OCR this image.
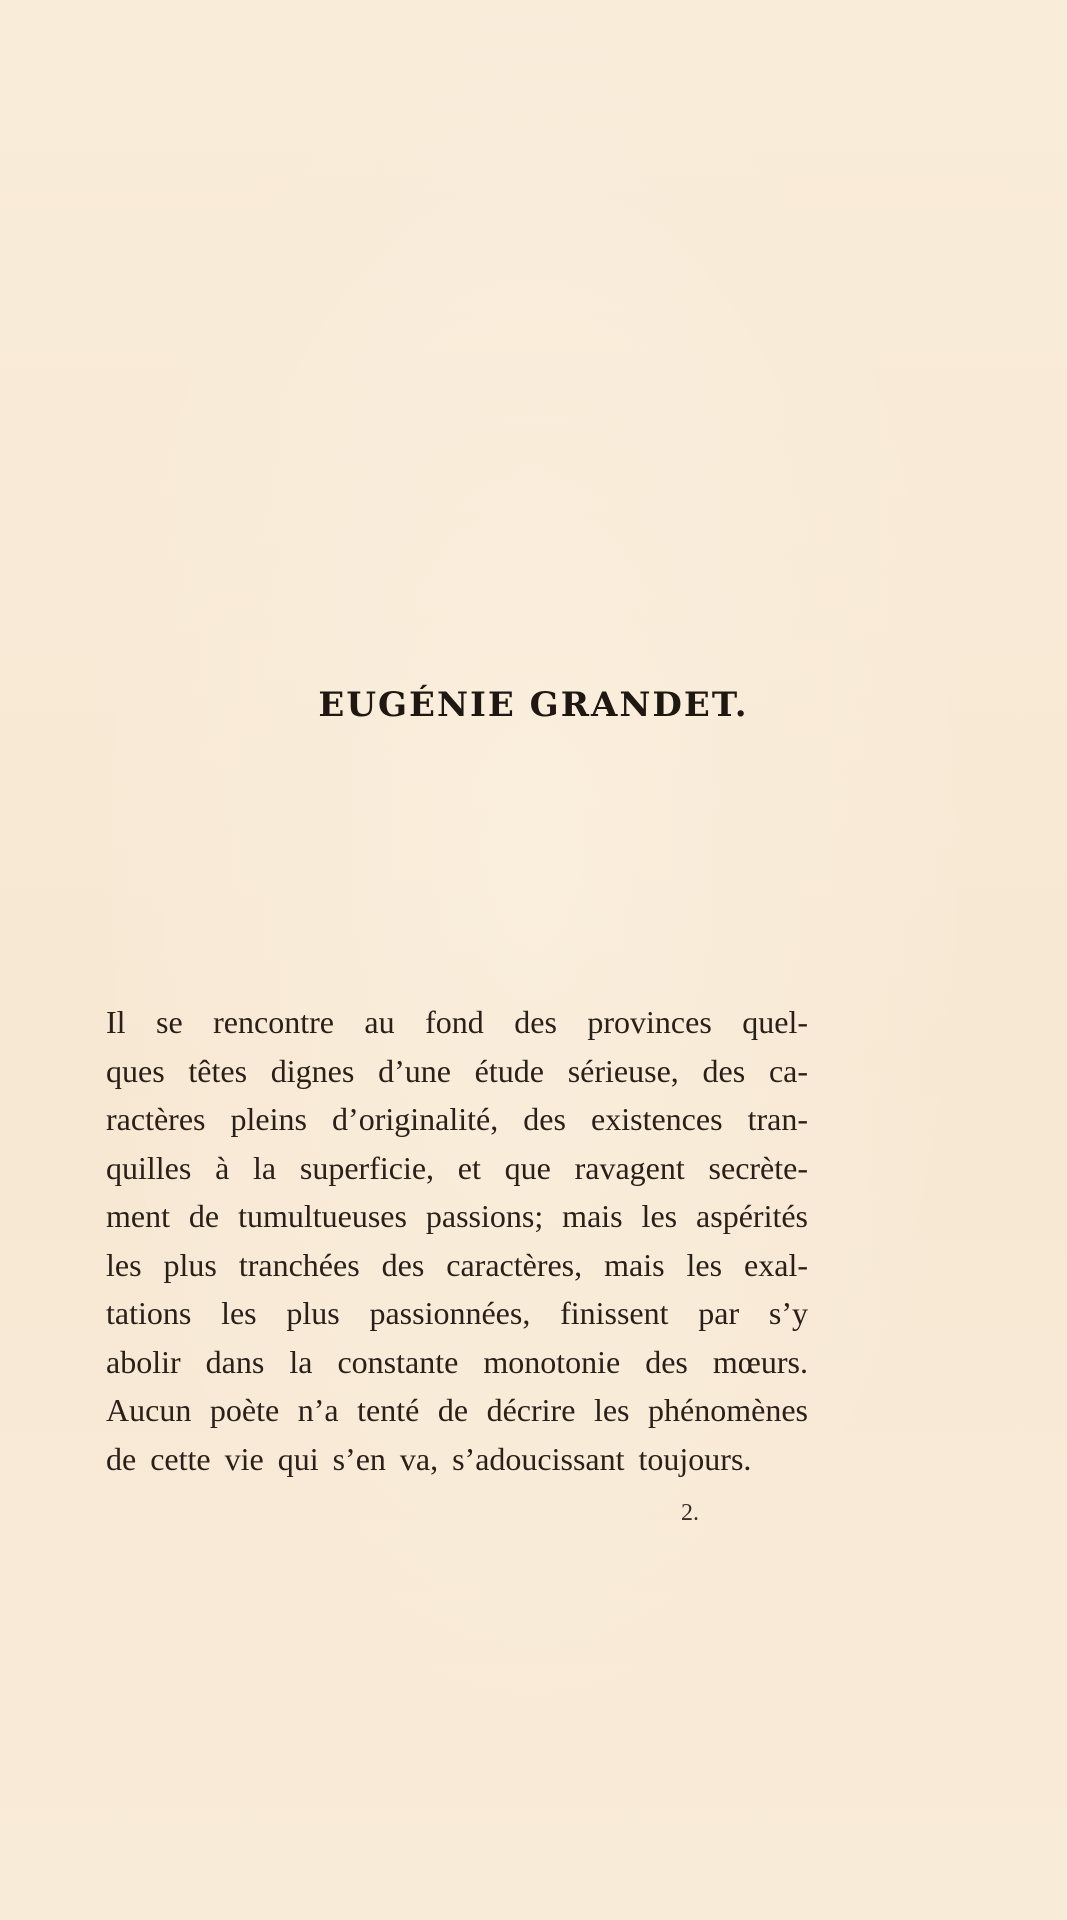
EUGÉNIE GRANDET.
Il se rencontre au fond des provinces quel-
ques têtes dignes d’une étude sérieuse, des ca-
ractères pleins d’originalité, des existences tran-
quilles à la superficie, et que ravagent secrète-
ment de tumultueuses passions; mais les aspérités
les plus tranchées des caractères, mais les exal-
tations les plus passionnées, finissent par s’y
abolir dans la constante monotonie des mœurs.
Aucun poète n’a tenté de décrire les phénomènes
de cette vie qui s’en va, s’adoucissant toujours.
2.
